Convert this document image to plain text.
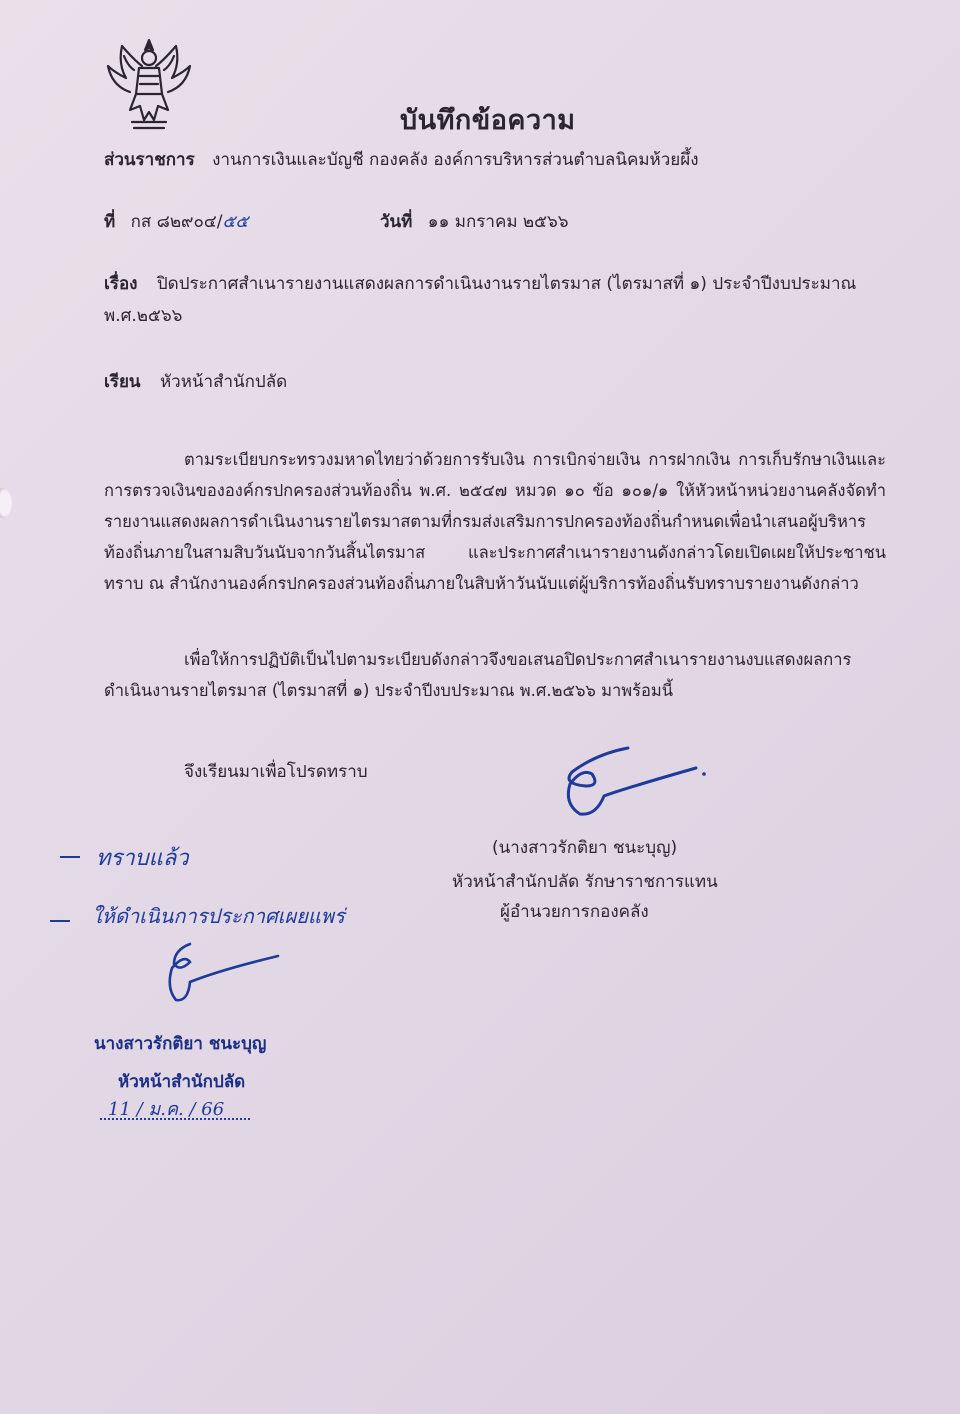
บันทึกข้อความ
ส่วนราชการ งานการเงินและบัญชี กองคลัง องค์การบริหารส่วนตำบลนิคมห้วยผึ้ง
ที่ กส ๘๒๙๐๔/๕๕	วันที่ ๑๑ มกราคม ๒๕๖๖
เรื่อง ปิดประกาศสำเนารายงานแสดงผลการดำเนินงานรายไตรมาส (ไตรมาสที่ ๑) ประจำปีงบประมาณ
พ.ศ.๒๕๖๖
เรียน หัวหน้าสำนักปลัด
ตามระเบียบกระทรวงมหาดไทยว่าด้วยการรับเงิน การเบิกจ่ายเงิน การฝากเงิน การเก็บรักษาเงินและการตรวจเงินขององค์กรปกครองส่วนท้องถิ่น พ.ศ. ๒๕๔๗ หมวด ๑๐ ข้อ ๑๐๑/๑ ให้หัวหน้าหน่วยงานคลังจัดทำรายงานแสดงผลการดำเนินงานรายไตรมาสตามที่กรมส่งเสริมการปกครองท้องถิ่นกำหนดเพื่อนำเสนอผู้บริหารท้องถิ่นภายในสามสิบวันนับจากวันสิ้นไตรมาส และประกาศสำเนารายงานดังกล่าวโดยเปิดเผยให้ประชาชนทราบ ณ สำนักงานองค์กรปกครองส่วนท้องถิ่นภายในสิบห้าวันนับแต่ผู้บริการท้องถิ่นรับทราบรายงานดังกล่าว
เพื่อให้การปฏิบัติเป็นไปตามระเบียบดังกล่าวจึงขอเสนอปิดประกาศสำเนารายงานงบแสดงผลการดำเนินงานรายไตรมาส (ไตรมาสที่ ๑) ประจำปีงบประมาณ พ.ศ.๒๕๖๖ มาพร้อมนี้
จึงเรียนมาเพื่อโปรดทราบ
(นางสาวรักติยา ชนะบุญ)
หัวหน้าสำนักปลัด รักษาราชการแทน
ผู้อำนวยการกองคลัง
ทราบแล้ว
ให้ดำเนินการประกาศเผยแพร่
นางสาวรักติยา ชนะบุญ
หัวหน้าสำนักปลัด
11 / ม.ค. / 66
